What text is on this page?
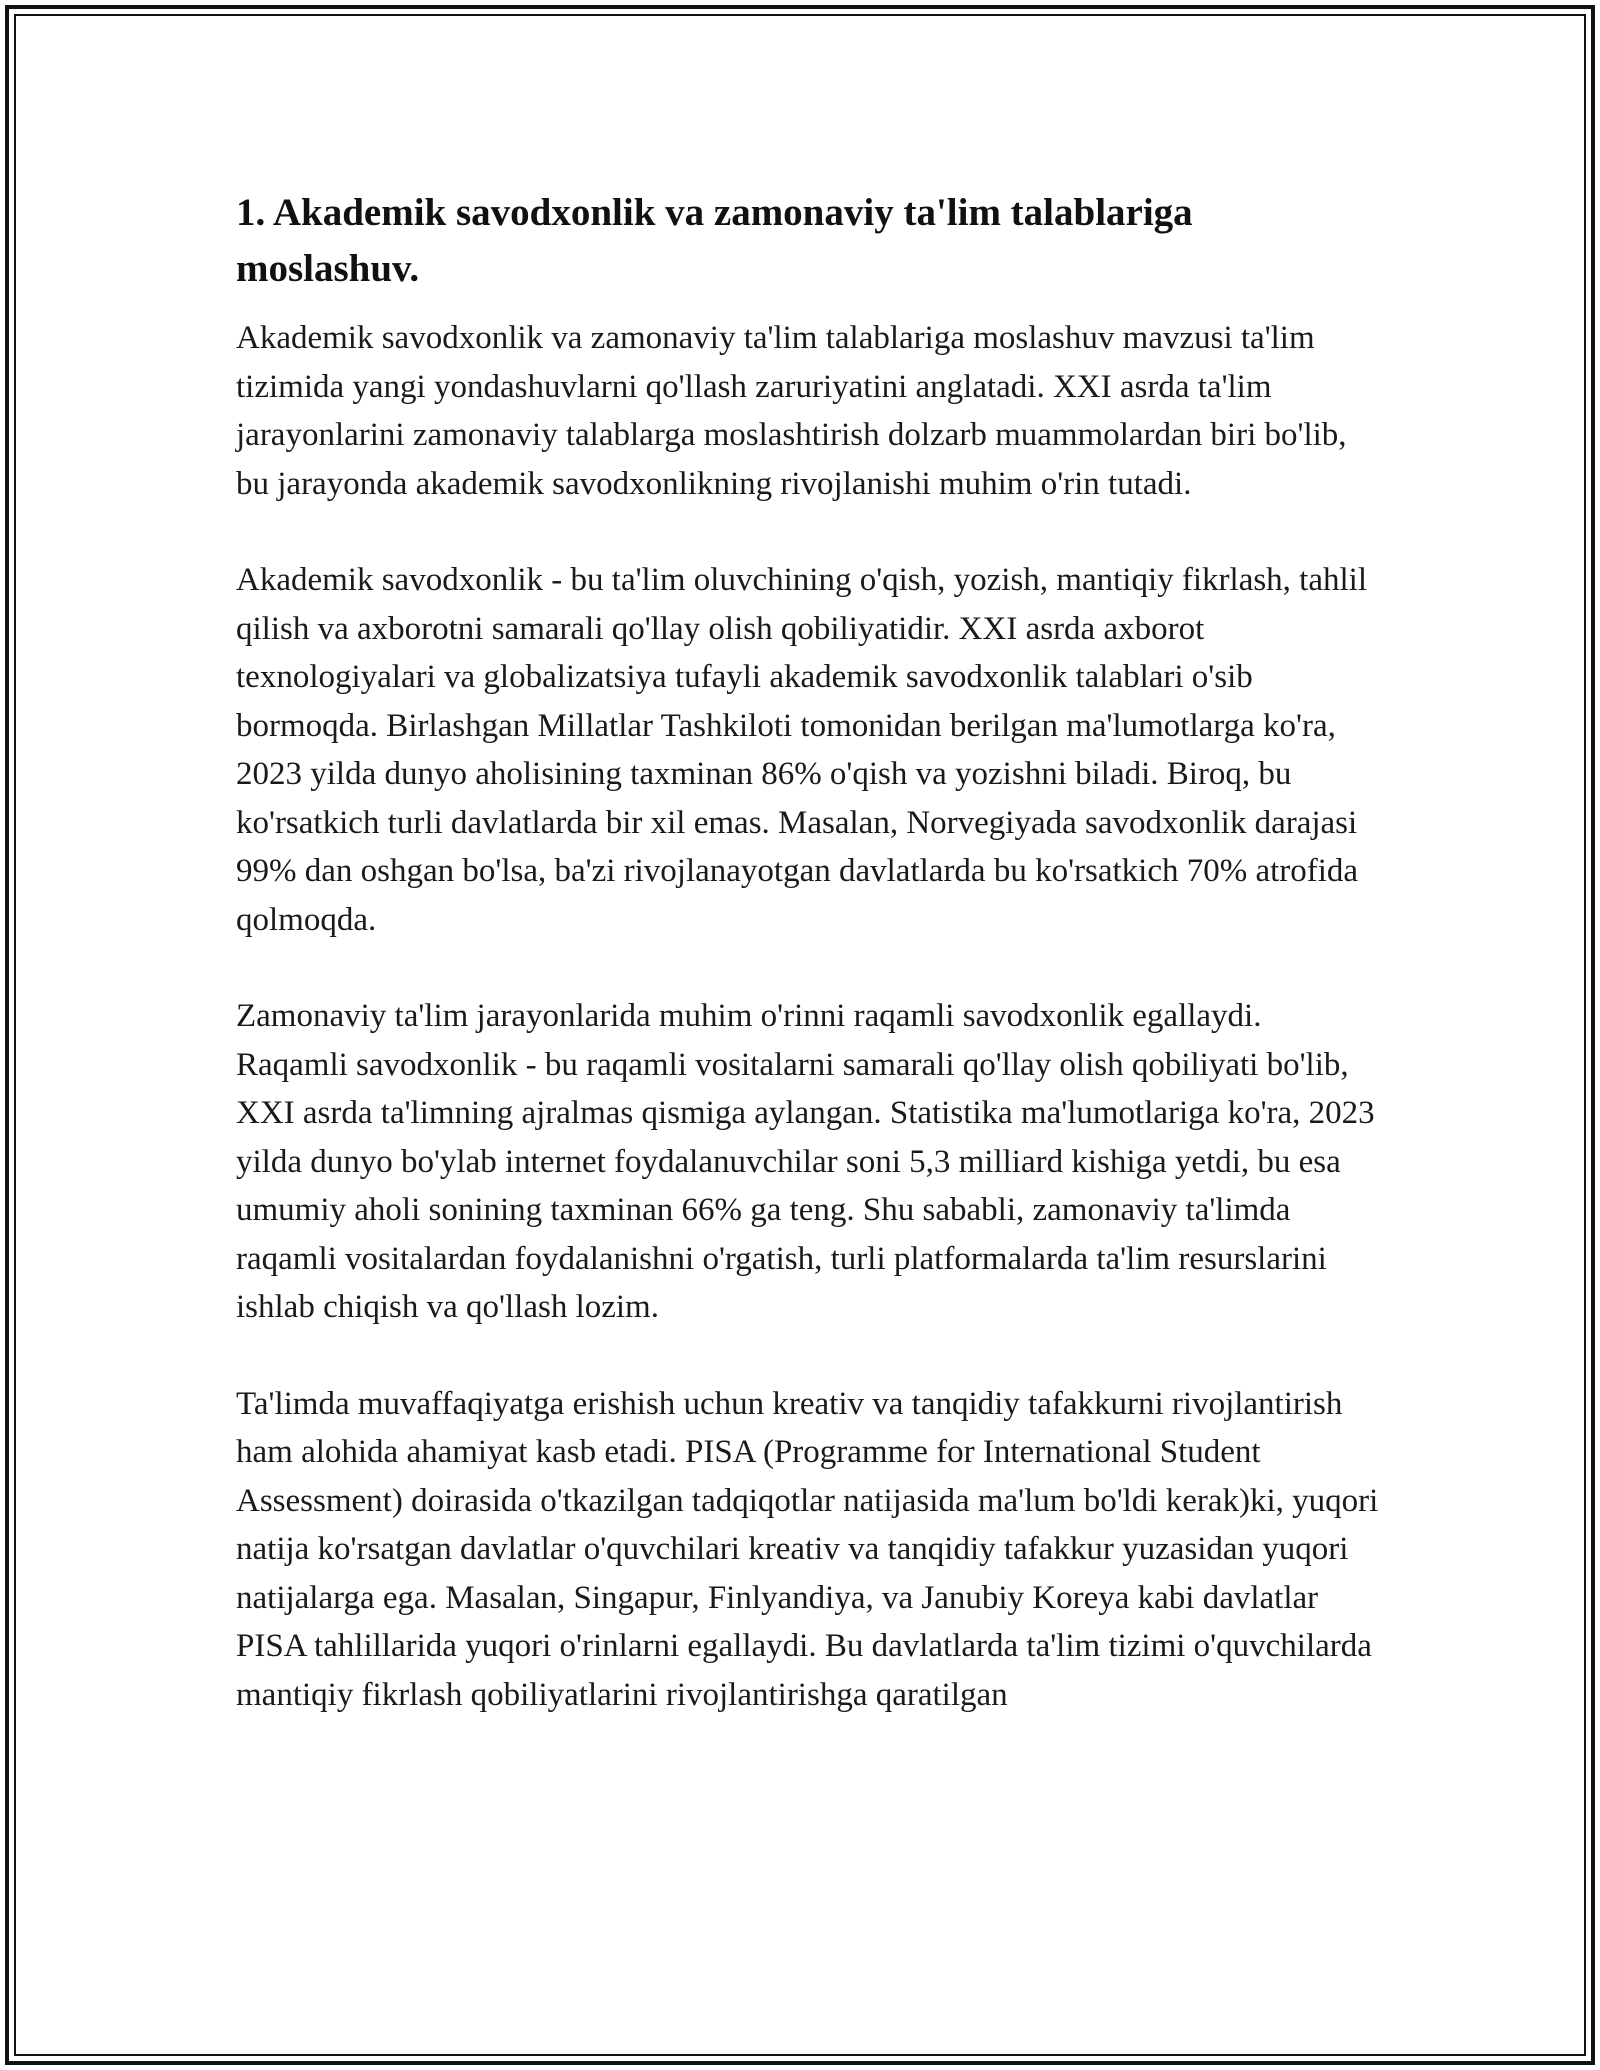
1. Akademik savodxonlik va zamonaviy ta'lim talablariga moslashuv.

Akademik savodxonlik va zamonaviy ta'lim talablariga moslashuv mavzusi ta'lim tizimida yangi yondashuvlarni qo'llash zaruriyatini anglatadi. XXI asrda ta'lim jarayonlarini zamonaviy talablarga moslashtirish dolzarb muammolardan biri bo'lib, bu jarayonda akademik savodxonlikning rivojlanishi muhim o'rin tutadi.

Akademik savodxonlik - bu ta'lim oluvchining o'qish, yozish, mantiqiy fikrlash, tahlil qilish va axborotni samarali qo'llay olish qobiliyatidir. XXI asrda axborot texnologiyalari va globalizatsiya tufayli akademik savodxonlik talablari o'sib bormoqda. Birlashgan Millatlar Tashkiloti tomonidan berilgan ma'lumotlarga ko'ra, 2023 yilda dunyo aholisining taxminan 86% o'qish va yozishni biladi. Biroq, bu ko'rsatkich turli davlatlarda bir xil emas. Masalan, Norvegiyada savodxonlik darajasi 99% dan oshgan bo'lsa, ba'zi rivojlanayotgan davlatlarda bu ko'rsatkich 70% atrofida qolmoqda.

Zamonaviy ta'lim jarayonlarida muhim o'rinni raqamli savodxonlik egallaydi. Raqamli savodxonlik - bu raqamli vositalarni samarali qo'llay olish qobiliyati bo'lib, XXI asrda ta'limning ajralmas qismiga aylangan. Statistika ma'lumotlariga ko'ra, 2023 yilda dunyo bo'ylab internet foydalanuvchilar soni 5,3 milliard kishiga yetdi, bu esa umumiy aholi sonining taxminan 66% ga teng. Shu sababli, zamonaviy ta'limda raqamli vositalardan foydalanishni o'rgatish, turli platformalarda ta'lim resurslarini ishlab chiqish va qo'llash lozim.

Ta'limda muvaffaqiyatga erishish uchun kreativ va tanqidiy tafakkurni rivojlantirish ham alohida ahamiyat kasb etadi. PISA (Programme for International Student Assessment) doirasida o'tkazilgan tadqiqotlar natijasida ma'lum bo'ldi kerak)ki, yuqori natija ko'rsatgan davlatlar o'quvchilari kreativ va tanqidiy tafakkur yuzasidan yuqori natijalarga ega. Masalan, Singapur, Finlyandiya, va Janubiy Koreya kabi davlatlar PISA tahlillarida yuqori o'rinlarni egallaydi. Bu davlatlarda ta'lim tizimi o'quvchilarda mantiqiy fikrlash qobiliyatlarini rivojlantirishga qaratilgan
